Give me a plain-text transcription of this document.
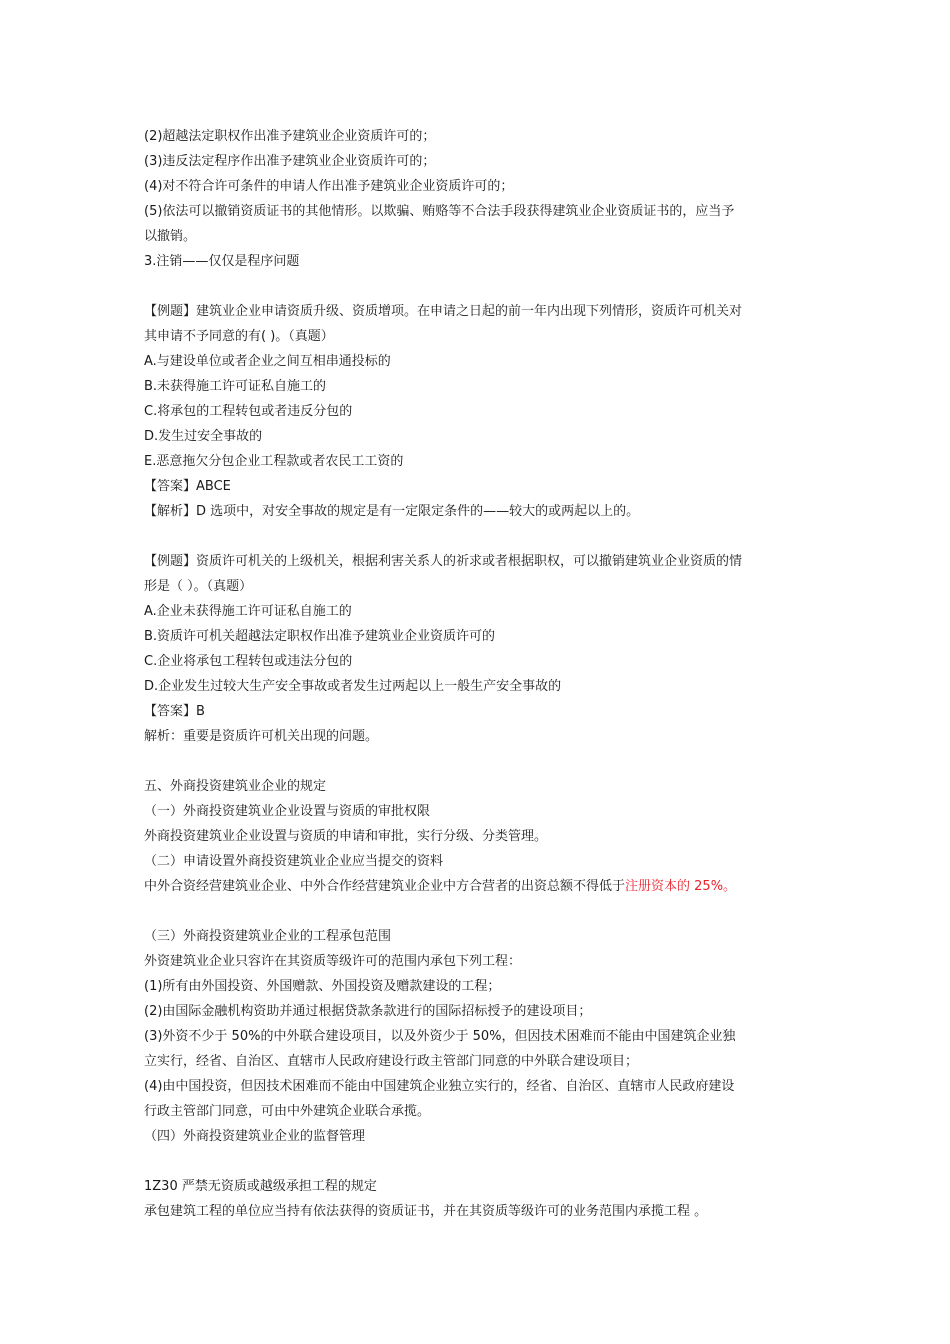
(2)超越法定职权作出准予建筑业企业资质许可的；

(3)违反法定程序作出准予建筑业企业资质许可的；

(4)对不符合许可条件的申请人作出准予建筑业企业资质许可的；

(5)依法可以撤销资质证书的其他情形。以欺骗、贿赂等不合法手段获得建筑业企业资质证书的，应当予

以撤销。

3.注销——仅仅是程序问题

【例题】建筑业企业申请资质升级、资质增项。在申请之日起的前一年内出现下列情形，资质许可机关对

其申请不予同意的有( )。（真题）

A.与建设单位或者企业之间互相串通投标的

B.未获得施工许可证私自施工的

C.将承包的工程转包或者违反分包的

D.发生过安全事故的

E.恶意拖欠分包企业工程款或者农民工工资的

【答案】ABCE

【解析】D 选项中，对安全事故的规定是有一定限定条件的——较大的或两起以上的。

【例题】资质许可机关的上级机关，根据利害关系人的祈求或者根据职权，可以撤销建筑业企业资质的情

形是（ ）。（真题）

A.企业未获得施工许可证私自施工的

B.资质许可机关超越法定职权作出准予建筑业企业资质许可的

C.企业将承包工程转包或违法分包的

D.企业发生过较大生产安全事故或者发生过两起以上一般生产安全事故的

【答案】B

解析：重要是资质许可机关出现的问题。

五、外商投资建筑业企业的规定

（一）外商投资建筑业企业设置与资质的审批权限

外商投资建筑业企业设置与资质的申请和审批，实行分级、分类管理。

（二）申请设置外商投资建筑业企业应当提交的资料

中外合资经营建筑业企业、中外合作经营建筑业企业中方合营者的出资总额不得低于注册资本的 25%。

（三）外商投资建筑业企业的工程承包范围

外资建筑业企业只容许在其资质等级许可的范围内承包下列工程：

(1)所有由外国投资、外国赠款、外国投资及赠款建设的工程；

(2)由国际金融机构资助并通过根据贷款条款进行的国际招标授予的建设项目；

(3)外资不少于 50%的中外联合建设项目，以及外资少于 50%，但因技术困难而不能由中国建筑企业独

立实行，经省、自治区、直辖市人民政府建设行政主管部门同意的中外联合建设项目；

(4)由中国投资，但因技术困难而不能由中国建筑企业独立实行的，经省、自治区、直辖市人民政府建设

行政主管部门同意，可由中外建筑企业联合承揽。

（四）外商投资建筑业企业的监督管理

1Z30 严禁无资质或越级承担工程的规定

承包建筑工程的单位应当持有依法获得的资质证书，并在其资质等级许可的业务范围内承揽工程 。
